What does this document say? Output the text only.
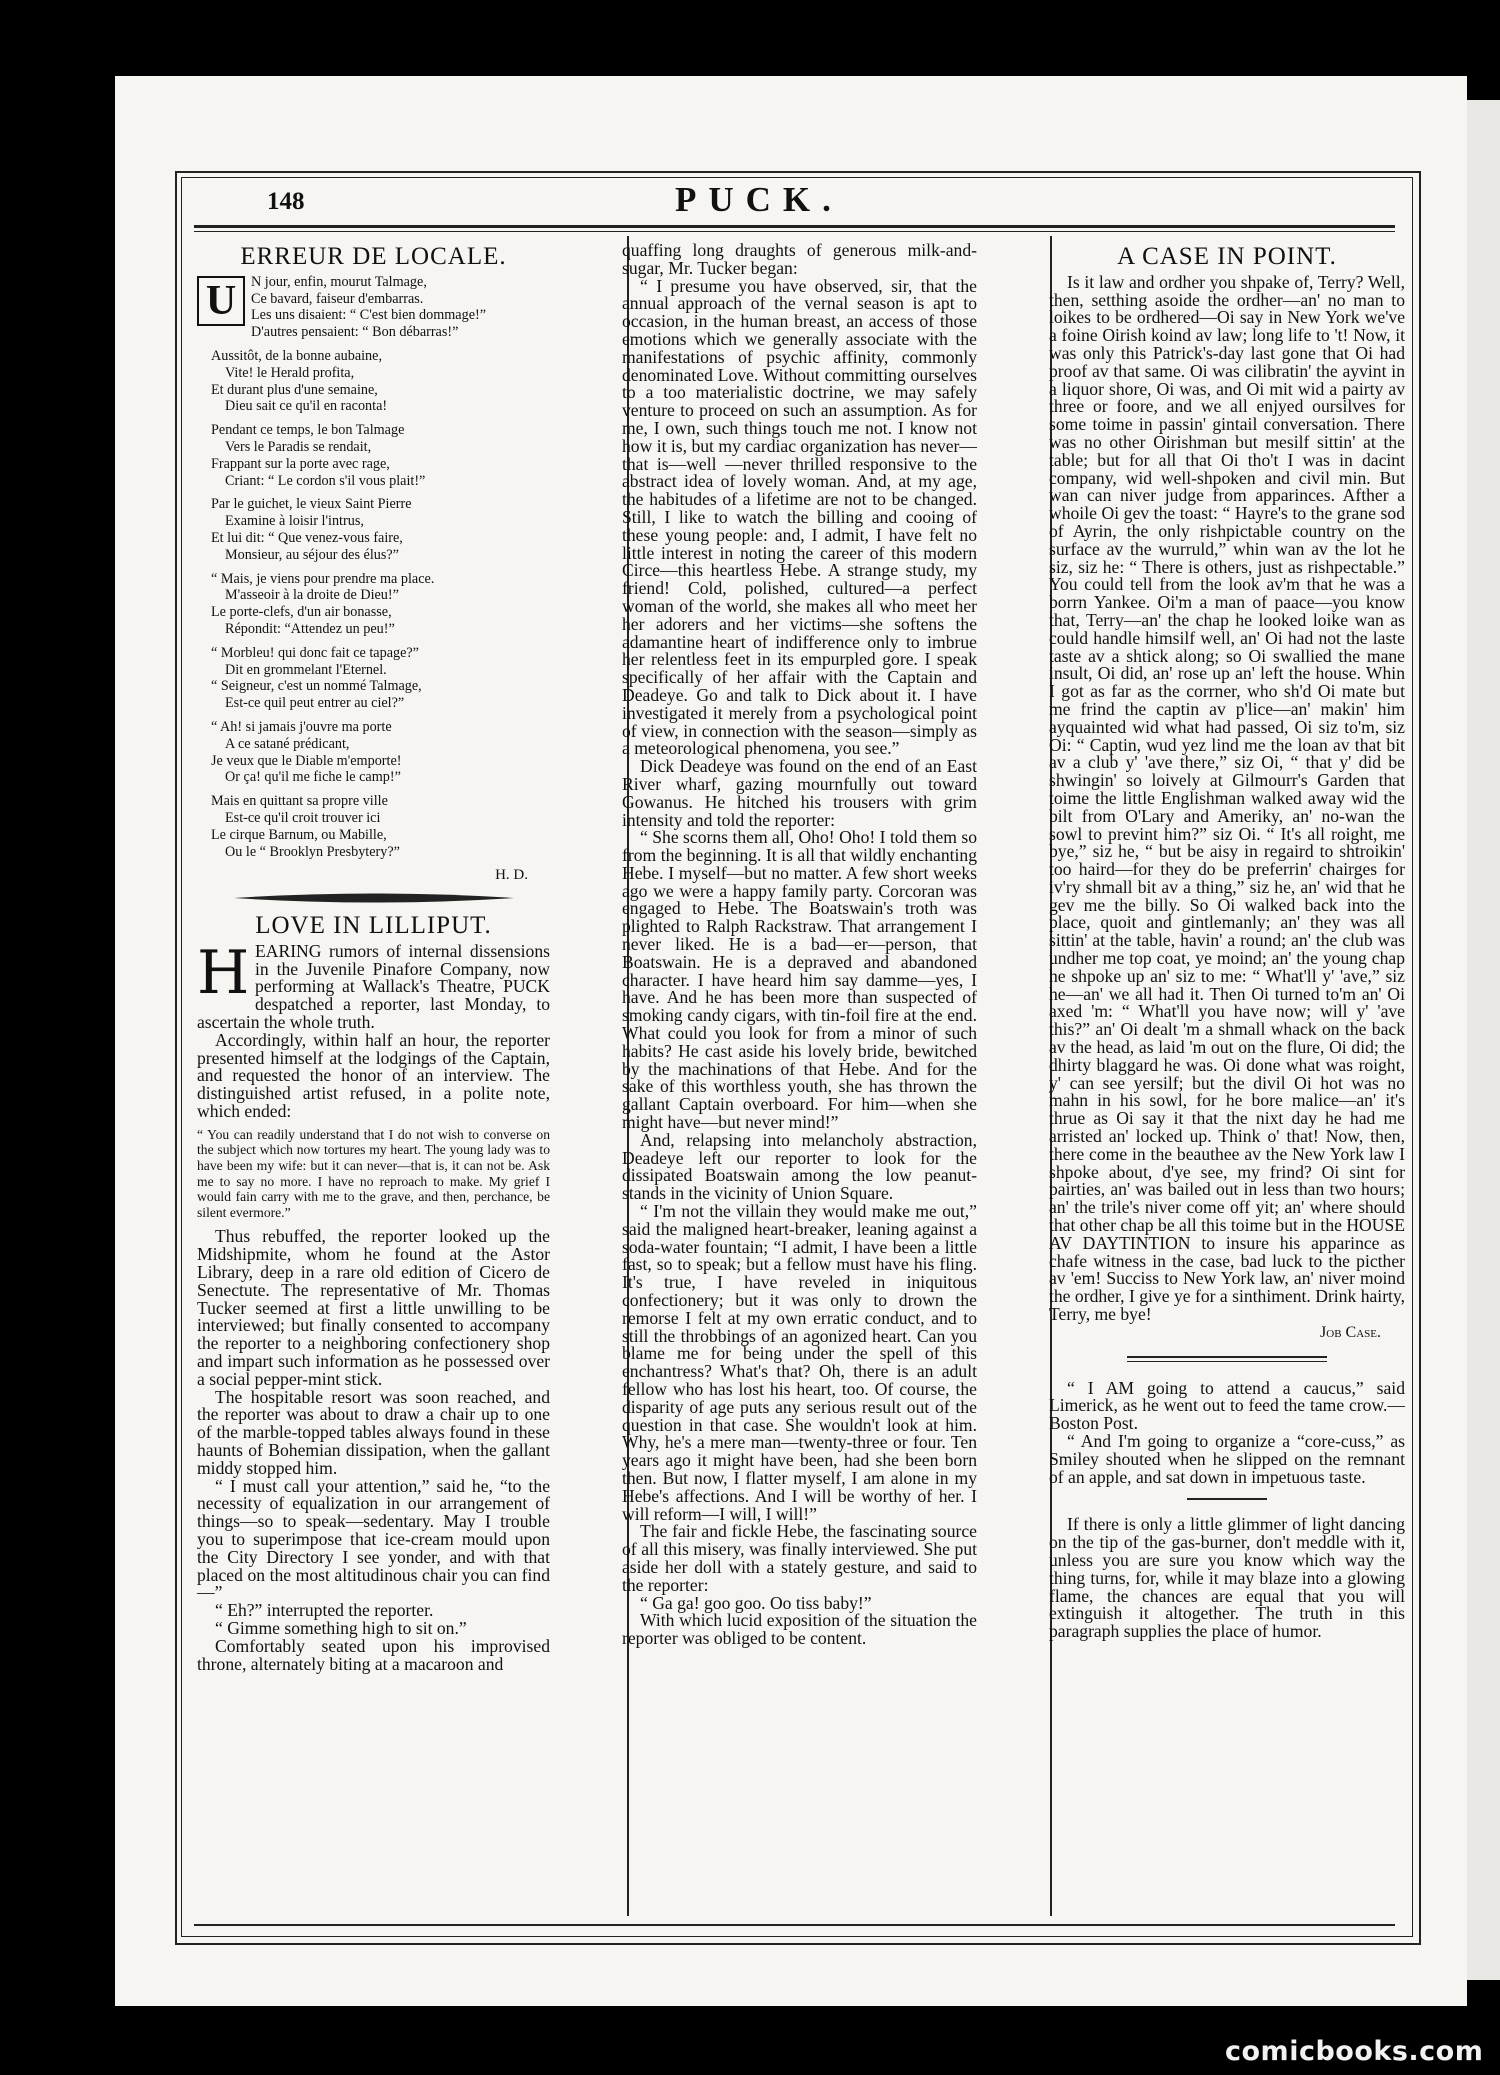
148	PUCK.
ERREUR DE LOCALE.
U	N jour, enfin, mourut Talmage,
Ce bavard, faiseur d'embarras.
Les uns disaient: “ C'est bien dommage!”
D'autres pensaient: “ Bon débarras!”
Aussitôt, de la bonne aubaine,
Vite! le Herald profita,
Et durant plus d'une semaine,
Dieu sait ce qu'il en raconta!
Pendant ce temps, le bon Talmage
Vers le Paradis se rendait,
Frappant sur la porte avec rage,
Criant: “ Le cordon s'il vous plait!”
Par le guichet, le vieux Saint Pierre
Examine à loisir l'intrus,
Et lui dit: “ Que venez-vous faire,
Monsieur, au séjour des élus?”
“ Mais, je viens pour prendre ma place.
M'asseoir à la droite de Dieu!”
Le porte-clefs, d'un air bonasse,
Répondit: “Attendez un peu!”
“ Morbleu! qui donc fait ce tapage?”
Dit en grommelant l'Eternel.
“ Seigneur, c'est un nommé Talmage,
Est-ce quil peut entrer au ciel?”
“ Ah! si jamais j'ouvre ma porte
A ce satané prédicant,
Je veux que le Diable m'emporte!
Or ça! qu'il me fiche le camp!”
Mais en quittant sa propre ville
Est-ce qu'il croit trouver ici
Le cirque Barnum, ou Mabille,
Ou le “ Brooklyn Presbytery?”
H. D.
LOVE IN LILLIPUT.

HEARING rumors of internal dissensions in the Juvenile Pinafore Company, now performing at Wallack's Theatre, PUCK despatched a reporter, last Monday, to ascertain the whole truth.

Accordingly, within half an hour, the reporter presented himself at the lodgings of the Captain, and requested the honor of an interview. The distinguished artist refused, in a polite note, which ended:

“ You can readily understand that I do not wish to converse on the subject which now tortures my heart. The young lady was to have been my wife: but it can never—that is, it can not be. Ask me to say no more. I have no reproach to make. My grief I would fain carry with me to the grave, and then, perchance, be silent evermore.”

Thus rebuffed, the reporter looked up the Midshipmite, whom he found at the Astor Library, deep in a rare old edition of Cicero de Senectute. The representative of Mr. Thomas Tucker seemed at first a little unwilling to be interviewed; but finally consented to accompany the reporter to a neighboring confectionery shop and impart such information as he possessed over a social pepper-mint stick.

The hospitable resort was soon reached, and the reporter was about to draw a chair up to one of the marble-topped tables always found in these haunts of Bohemian dissipation, when the gallant middy stopped him.

“ I must call your attention,” said he, “to the necessity of equalization in our arrangement of things—so to speak—sedentary. May I trouble you to superimpose that ice-cream mould upon the City Directory I see yonder, and with that placed on the most altitudinous chair you can find—”

“ Eh?” interrupted the reporter.

“ Gimme something high to sit on.”

Comfortably seated upon his improvised throne, alternately biting at a macaroon and

quaffing long draughts of generous milk-and-sugar, Mr. Tucker began:

“ I presume you have observed, sir, that the annual approach of the vernal season is apt to occasion, in the human breast, an access of those emotions which we generally associate with the manifestations of psychic affinity, commonly denominated Love. Without committing ourselves to a too materialistic doctrine, we may safely venture to proceed on such an assumption. As for me, I own, such things touch me not. I know not how it is, but my cardiac organization has never—that is—well —never thrilled responsive to the abstract idea of lovely woman. And, at my age, the habitudes of a lifetime are not to be changed. Still, I like to watch the billing and cooing of these young people: and, I admit, I have felt no little interest in noting the career of this modern Circe—this heartless Hebe. A strange study, my friend! Cold, polished, cultured—a perfect woman of the world, she makes all who meet her her adorers and her victims—she softens the adamantine heart of indifference only to imbrue her relentless feet in its empurpled gore. I speak specifically of her affair with the Captain and Deadeye. Go and talk to Dick about it. I have investigated it merely from a psychological point of view, in connection with the season—simply as a meteorological phenomena, you see.”

Dick Deadeye was found on the end of an East River wharf, gazing mournfully out toward Gowanus. He hitched his trousers with grim intensity and told the reporter:

“ She scorns them all, Oho! Oho! I told them so from the beginning. It is all that wildly enchanting Hebe. I myself—but no matter. A few short weeks ago we were a happy family party. Corcoran was engaged to Hebe. The Boatswain's troth was plighted to Ralph Rackstraw. That arrangement I never liked. He is a bad—er—person, that Boatswain. He is a depraved and abandoned character. I have heard him say damme—yes, I have. And he has been more than suspected of smoking candy cigars, with tin-foil fire at the end. What could you look for from a minor of such habits? He cast aside his lovely bride, bewitched by the machinations of that Hebe. And for the sake of this worthless youth, she has thrown the gallant Captain overboard. For him—when she might have—but never mind!”

And, relapsing into melancholy abstraction, Deadeye left our reporter to look for the dissipated Boatswain among the low peanut-stands in the vicinity of Union Square.

“ I'm not the villain they would make me out,” said the maligned heart-breaker, leaning against a soda-water fountain; “I admit, I have been a little fast, so to speak; but a fellow must have his fling. It's true, I have reveled in iniquitous confectionery; but it was only to drown the remorse I felt at my own erratic conduct, and to still the throbbings of an agonized heart. Can you blame me for being under the spell of this enchantress? What's that? Oh, there is an adult fellow who has lost his heart, too. Of course, the disparity of age puts any serious result out of the question in that case. She wouldn't look at him. Why, he's a mere man—twenty-three or four. Ten years ago it might have been, had she been born then. But now, I flatter myself, I am alone in my Hebe's affections. And I will be worthy of her. I will reform—I will, I will!”

The fair and fickle Hebe, the fascinating source of all this misery, was finally interviewed. She put aside her doll with a stately gesture, and said to the reporter:

“ Ga ga! goo goo. Oo tiss baby!”

With which lucid exposition of the situation the reporter was obliged to be content.

A CASE IN POINT.

Is it law and ordher you shpake of, Terry? Well, then, setthing asoide the ordher—an' no man to loikes to be ordhered—Oi say in New York we've a foine Oirish koind av law; long life to 't! Now, it was only this Patrick's-day last gone that Oi had proof av that same. Oi was cilibratin' the ayvint in a liquor shore, Oi was, and Oi mit wid a pairty av three or foore, and we all enjyed oursilves for some toime in passin' gintail conversation. There was no other Oirishman but mesilf sittin' at the table; but for all that Oi tho't I was in dacint company, wid well-shpoken and civil min. But wan can niver judge from apparinces. Afther a whoile Oi gev the toast: “ Hayre's to the grane sod of Ayrin, the only rishpictable country on the surface av the wurruld,” whin wan av the lot he siz, siz he: “ There is others, just as rishpectable.” You could tell from the look av'm that he was a borrn Yankee. Oi'm a man of paace—you know that, Terry—an' the chap he looked loike wan as could handle himsilf well, an' Oi had not the laste taste av a shtick along; so Oi swallied the mane insult, Oi did, an' rose up an' left the house. Whin I got as far as the corrner, who sh'd Oi mate but me frind the captin av p'lice—an' makin' him ayquainted wid what had passed, Oi siz to'm, siz Oi: “ Captin, wud yez lind me the loan av that bit av a club y' 'ave there,” siz Oi, “ that y' did be shwingin' so loively at Gilmourr's Garden that toime the little Englishman walked away wid the bilt from O'Lary and Ameriky, an' no-wan the sowl to prevint him?” siz Oi. “ It's all roight, me bye,” siz he, “ but be aisy in regaird to shtroikin' too haird—for they do be preferrin' chairges for iv'ry shmall bit av a thing,” siz he, an' wid that he gev me the billy. So Oi walked back into the place, quoit and gintlemanly; an' they was all sittin' at the table, havin' a round; an' the club was undher me top coat, ye moind; an' the young chap he shpoke up an' siz to me: “ What'll y' 'ave,” siz he—an' we all had it. Then Oi turned to'm an' Oi axed 'm: “ What'll you have now; will y' 'ave this?” an' Oi dealt 'm a shmall whack on the back av the head, as laid 'm out on the flure, Oi did; the dhirty blaggard he was. Oi done what was roight, y' can see yersilf; but the divil Oi hot was no mahn in his sowl, for he bore malice—an' it's thrue as Oi say it that the nixt day he had me arristed an' locked up. Think o' that! Now, then, there come in the beauthee av the New York law I shpoke about, d'ye see, my frind? Oi sint for pairties, an' was bailed out in less than two hours; an' the trile's niver come off yit; an' where should that other chap be all this toime but in the HOUSE AV DAYTINTION to insure his apparince as chafe witness in the case, bad luck to the picther av 'em! Succiss to New York law, an' niver moind the ordher, I give ye for a sinthiment. Drink hairty, Terry, me bye!

Job Case.

“ I AM going to attend a caucus,” said Limerick, as he went out to feed the tame crow.—Boston Post.

“ And I'm going to organize a “core-cuss,” as Smiley shouted when he slipped on the remnant of an apple, and sat down in impetuous taste.

If there is only a little glimmer of light dancing on the tip of the gas-burner, don't meddle with it, unless you are sure you know which way the thing turns, for, while it may blaze into a glowing flame, the chances are equal that you will extinguish it altogether. The truth in this paragraph supplies the place of humor.

comicbooks.com
